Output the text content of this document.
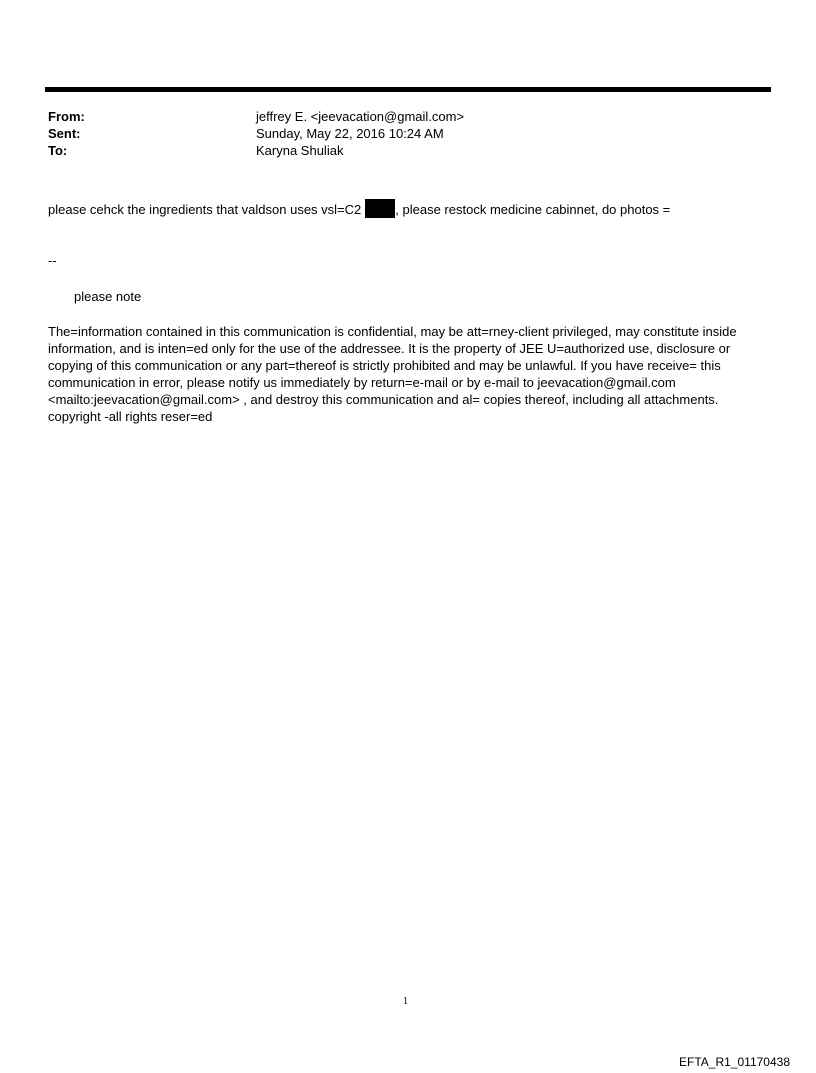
From:	jeffrey E. <jeevacation@gmail.com>
Sent:	Sunday, May 22, 2016 10:24 AM
To:	Karyna Shuliak
please cehck the ingredients that valdson uses vsl=C2	, please restock medicine cabinnet, do photos =
--
please note
The=information contained in this communication is confidential, may be att=rney-client privileged, may constitute inside information, and is inten=ed only for the use of the addressee. It is the property of JEE U=authorized use, disclosure or copying of this communication or any part=thereof is strictly prohibited and may be unlawful. If you have receive= this communication in error, please notify us immediately by return=e-mail or by e-mail to jeevacation@gmail.com <mailto:jeevacation@gmail.com> , and destroy this communication and al= copies thereof, including all attachments. copyright -all rights reser=ed
1
EFTA_R1_01170438
